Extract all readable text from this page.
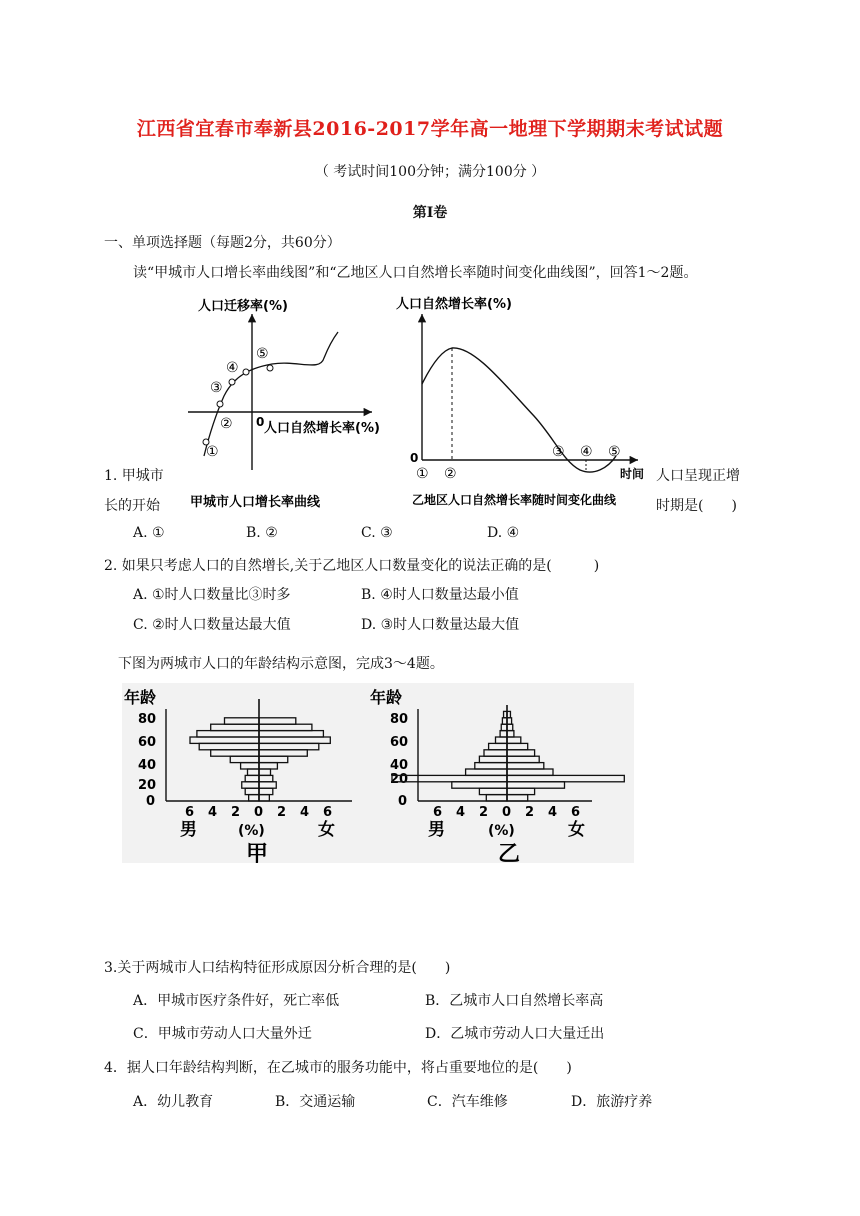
江西省宜春市奉新县2016-2017学年高一地理下学期期末考试试题
（ 考试时间100分钟；满分100分 ）
第Ⅰ卷
一、单项选择题（每题2分，共60分）
读“甲城市人口增长率曲线图”和“乙地区人口自然增长率随时间变化曲线图”，回答1～2题。
人口迁移率(%)
0 人口自然增长率(%)
①
②
③
④
⑤
甲城市人口增长率曲线
人口自然增长率(%)
0
时间
① ②
③ ④ ⑤
乙地区人口自然增长率随时间变化曲线
1. 甲城市
长的开始
人口呈现正增
时期是(　　)
A. ①	B. ②	C. ③	D. ④
2. 如果只考虑人口的自然增长,关于乙地区人口数量变化的说法正确的是(　　　)
A. ①时人口数量比③时多	B. ④时人口数量达最小值
C. ②时人口数量达最大值	D. ③时人口数量达最大值
下图为两城市人口的年龄结构示意图，完成3～4题。
年龄
80
60
40
20
0
6 4 2 0 2 4 6
男	(%)	女
甲
年龄
80
60
40
20
0
6 4 2 0 2 4 6
男	(%)	女
乙
3.关于两城市人口结构特征形成原因分析合理的是(　　)
A．甲城市医疗条件好，死亡率低	B．乙城市人口自然增长率高
C．甲城市劳动人口大量外迁	D．乙城市劳动人口大量迁出
4．据人口年龄结构判断，在乙城市的服务功能中，将占重要地位的是(　　)
A．幼儿教育	B．交通运输	C．汽车维修	D．旅游疗养
